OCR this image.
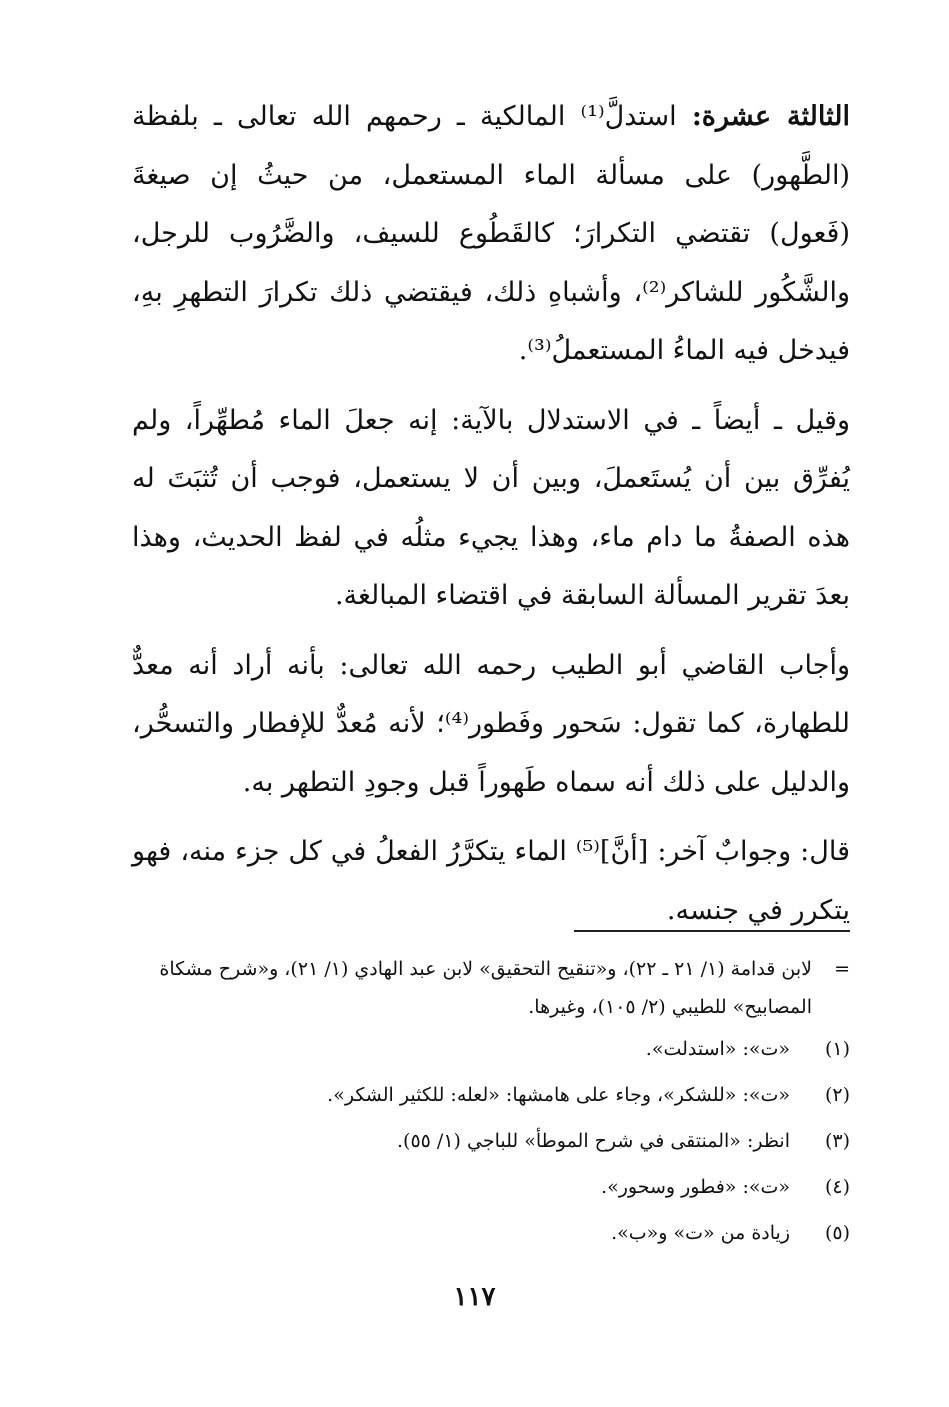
الثالثة عشرة: استدلَّ⁽¹⁾ المالكية ـ رحمهم الله تعالى ـ بلفظة (الطَّهور) على مسألة الماء المستعمل، من حيثُ إن صيغةَ (فَعول) تقتضي التكرارَ؛ كالقَطُوع للسيف، والضَّرُوب للرجل، والشَّكُور للشاكر⁽²⁾، وأشباهِ ذلك، فيقتضي ذلك تكرارَ التطهرِ بهِ، فيدخل فيه الماءُ المستعملُ⁽³⁾.

وقيل ـ أيضاً ـ في الاستدلال بالآية: إنه جعلَ الماء مُطهِّراً، ولم يُفرِّق بين أن يُستَعملَ، وبين أن لا يستعمل، فوجب أن تُثبَتَ له هذه الصفةُ ما دام ماء، وهذا يجيء مثلُه في لفظ الحديث، وهذا بعدَ تقرير المسألة السابقة في اقتضاء المبالغة.

وأجاب القاضي أبو الطيب رحمه الله تعالى: بأنه أراد أنه معدٌّ للطهارة، كما تقول: سَحور وفَطور⁽⁴⁾؛ لأنه مُعدٌّ للإفطار والتسحُّر، والدليل على ذلك أنه سماه طَهوراً قبل وجودِ التطهر به.

قال: وجوابٌ آخر: [أنَّ]⁽⁵⁾ الماء يتكرَّرُ الفعلُ في كل جزء منه، فهو يتكرر في جنسه.

=
لابن قدامة (١/ ٢١ ـ ٢٢)، و«تنقيح التحقيق» لابن عبد الهادي (١/ ٢١)، و«شرح مشكاة المصابيح» للطيبي (٢/ ١٠٥)، وغيرها.
(١)
«ت»: «استدلت».
(٢)
«ت»: «للشكر»، وجاء على هامشها: «لعله: للكثير الشكر».
(٣)
انظر: «المنتقى في شرح الموطأ» للباجي (١/ ٥٥).
(٤)
«ت»: «فطور وسحور».
(٥)
زيادة من «ت» و«ب».
١١٧
